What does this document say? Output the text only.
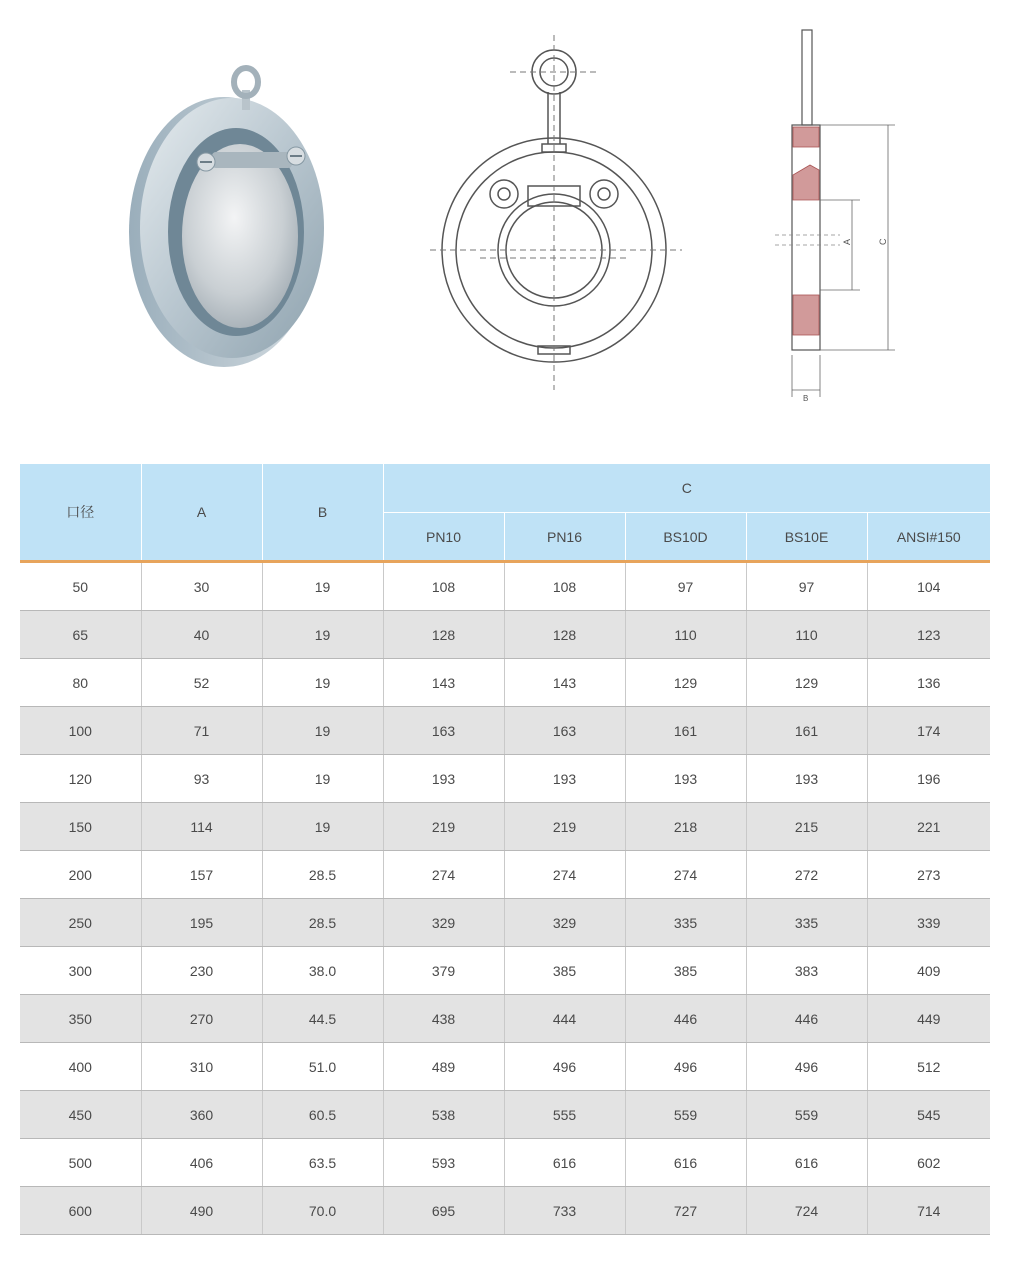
A	C
B
口径	A	B	C				
			PN10	PN16	BS10D	BS10E	ANSI#150
50	30	19	108	108	97	97	104
65	40	19	128	128	110	110	123
80	52	19	143	143	129	129	136
100	71	19	163	163	161	161	174
120	93	19	193	193	193	193	196
150	114	19	219	219	218	215	221
200	157	28.5	274	274	274	272	273
250	195	28.5	329	329	335	335	339
300	230	38.0	379	385	385	383	409
350	270	44.5	438	444	446	446	449
400	310	51.0	489	496	496	496	512
450	360	60.5	538	555	559	559	545
500	406	63.5	593	616	616	616	602
600	490	70.0	695	733	727	724	714
